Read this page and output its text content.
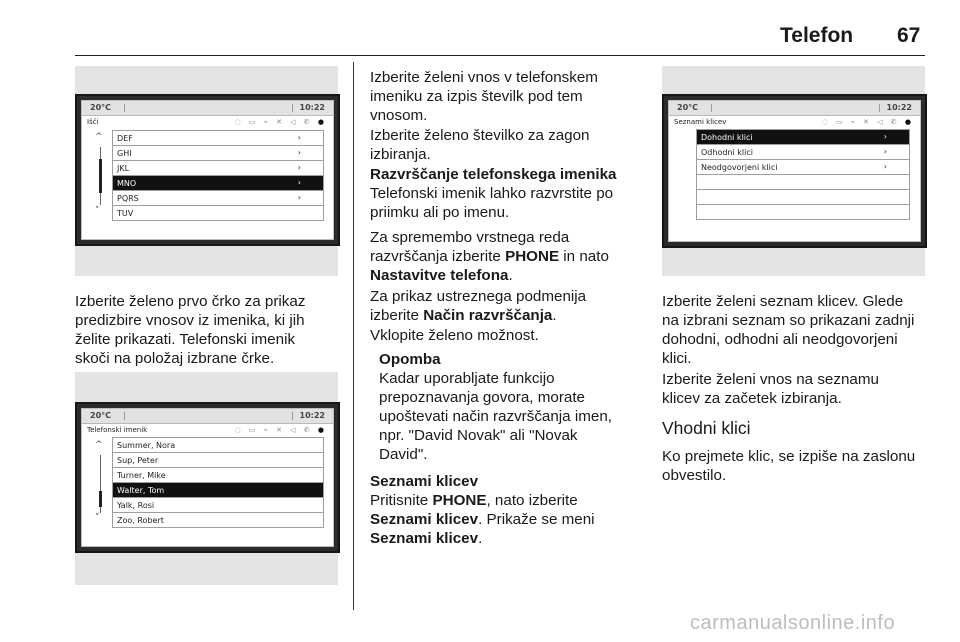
Telefon 67
20°C	10:22
Išči	◌ ▭ ⌁ ✕ ◁ ✆ ●
^
˅
DEF	›
GHI	›
JKL	›
MNO	›
PQRS	›
TUV

Izberite želeno prvo črko za prikaz
predizbire vnosov iz imenika, ki jih
želite prikazati. Telefonski imenik
skoči na položaj izbrane črke.

20°C	10:22
Telefonski imenik	◌ ▭ ⌁ ✕ ◁ ✆ ●
^
˅
Summer, Nora
Sup, Peter
Turner, Mike
Walter, Tom
Yalk, Rosi
Zoo, Robert

Izberite želeni vnos v telefonskem
imeniku za izpis številk pod tem
vnosom.

Izberite želeno številko za zagon
izbiranja.

Razvrščanje telefonskega imenika

Telefonski imenik lahko razvrstite po
priimku ali po imenu.

Za spremembo vrstnega reda
razvrščanja izberite PHONE in nato
Nastavitve telefona.

Za prikaz ustreznega podmenija
izberite Način razvrščanja.

Vklopite želeno možnost.

Opomba

Kadar uporabljate funkcijo
prepoznavanja govora, morate
upoštevati način razvrščanja imen,
npr. "David Novak" ali "Novak
David".

Seznami klicev

Pritisnite PHONE, nato izberite
Seznami klicev. Prikaže se meni
Seznami klicev.

20°C	10:22
Seznami klicev	◌ ▭ ⌁ ✕ ◁ ✆ ●
Dohodni klici	›
Odhodni klici	›
Neodgovorjeni klici	›

Izberite želeni seznam klicev. Glede
na izbrani seznam so prikazani zadnji
dohodni, odhodni ali neodgovorjeni
klici.

Izberite želeni vnos na seznamu
klicev za začetek izbiranja.

Vhodni klici

Ko prejmete klic, se izpiše na zaslonu
obvestilo.

carmanualsonline.info
